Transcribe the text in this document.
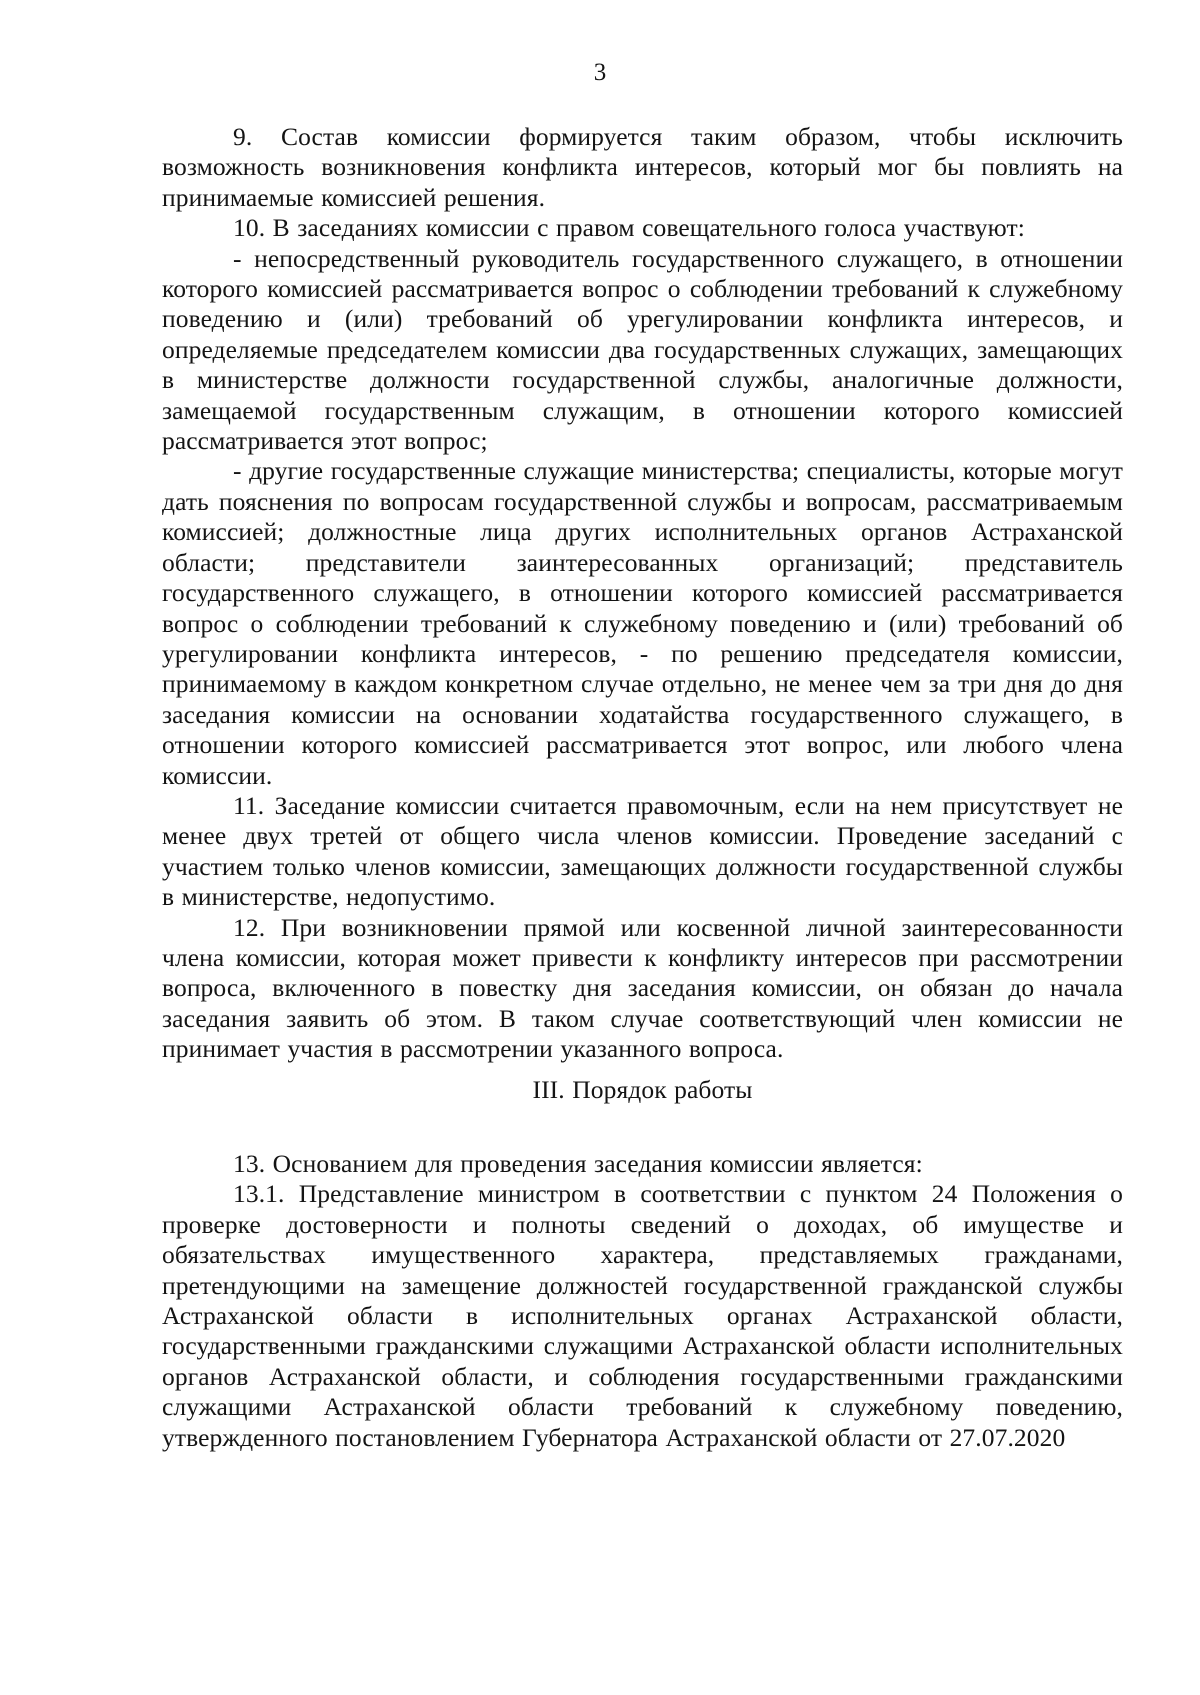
3

9. Состав комиссии формируется таким образом, чтобы исключить возможность возникновения конфликта интересов, который мог бы повлиять на принимаемые комиссией решения.

10. В заседаниях комиссии с правом совещательного голоса участвуют:

- непосредственный руководитель государственного служащего, в отношении которого комиссией рассматривается вопрос о соблюдении требований к служебному поведению и (или) требований об урегулировании конфликта интересов, и определяемые председателем комиссии два государственных служащих, замещающих в министерстве должности государственной службы, аналогичные должности, замещаемой государственным служащим, в отношении которого комиссией рассматривается этот вопрос;

- другие государственные служащие министерства; специалисты, которые могут дать пояснения по вопросам государственной службы и вопросам, рассматриваемым комиссией; должностные лица других исполнительных органов Астраханской области; представители заинтересованных организаций; представитель государственного служащего, в отношении которого комиссией рассматривается вопрос о соблюдении требований к служебному поведению и (или) требований об урегулировании конфликта интересов, - по решению председателя комиссии, принимаемому в каждом конкретном случае отдельно, не менее чем за три дня до дня заседания комиссии на основании ходатайства государственного служащего, в отношении которого комиссией рассматривается этот вопрос, или любого члена комиссии.

11. Заседание комиссии считается правомочным, если на нем присутствует не менее двух третей от общего числа членов комиссии. Проведение заседаний с участием только членов комиссии, замещающих должности государственной службы в министерстве, недопустимо.

12. При возникновении прямой или косвенной личной заинтересованности члена комиссии, которая может привести к конфликту интересов при рассмотрении вопроса, включенного в повестку дня заседания комиссии, он обязан до начала заседания заявить об этом. В таком случае соответствующий член комиссии не принимает участия в рассмотрении указанного вопроса.

III. Порядок работы

13. Основанием для проведения заседания комиссии является:

13.1. Представление министром в соответствии с пунктом 24 Положения о проверке достоверности и полноты сведений о доходах, об имуществе и обязательствах имущественного характера, представляемых гражданами, претендующими на замещение должностей государственной гражданской службы Астраханской области в исполнительных органах Астраханской области, государственными гражданскими служащими Астраханской области исполнительных органов Астраханской области, и соблюдения государственными гражданскими служащими Астраханской области требований к служебному поведению, утвержденного постановлением Губернатора Астраханской области от 27.07.2020
